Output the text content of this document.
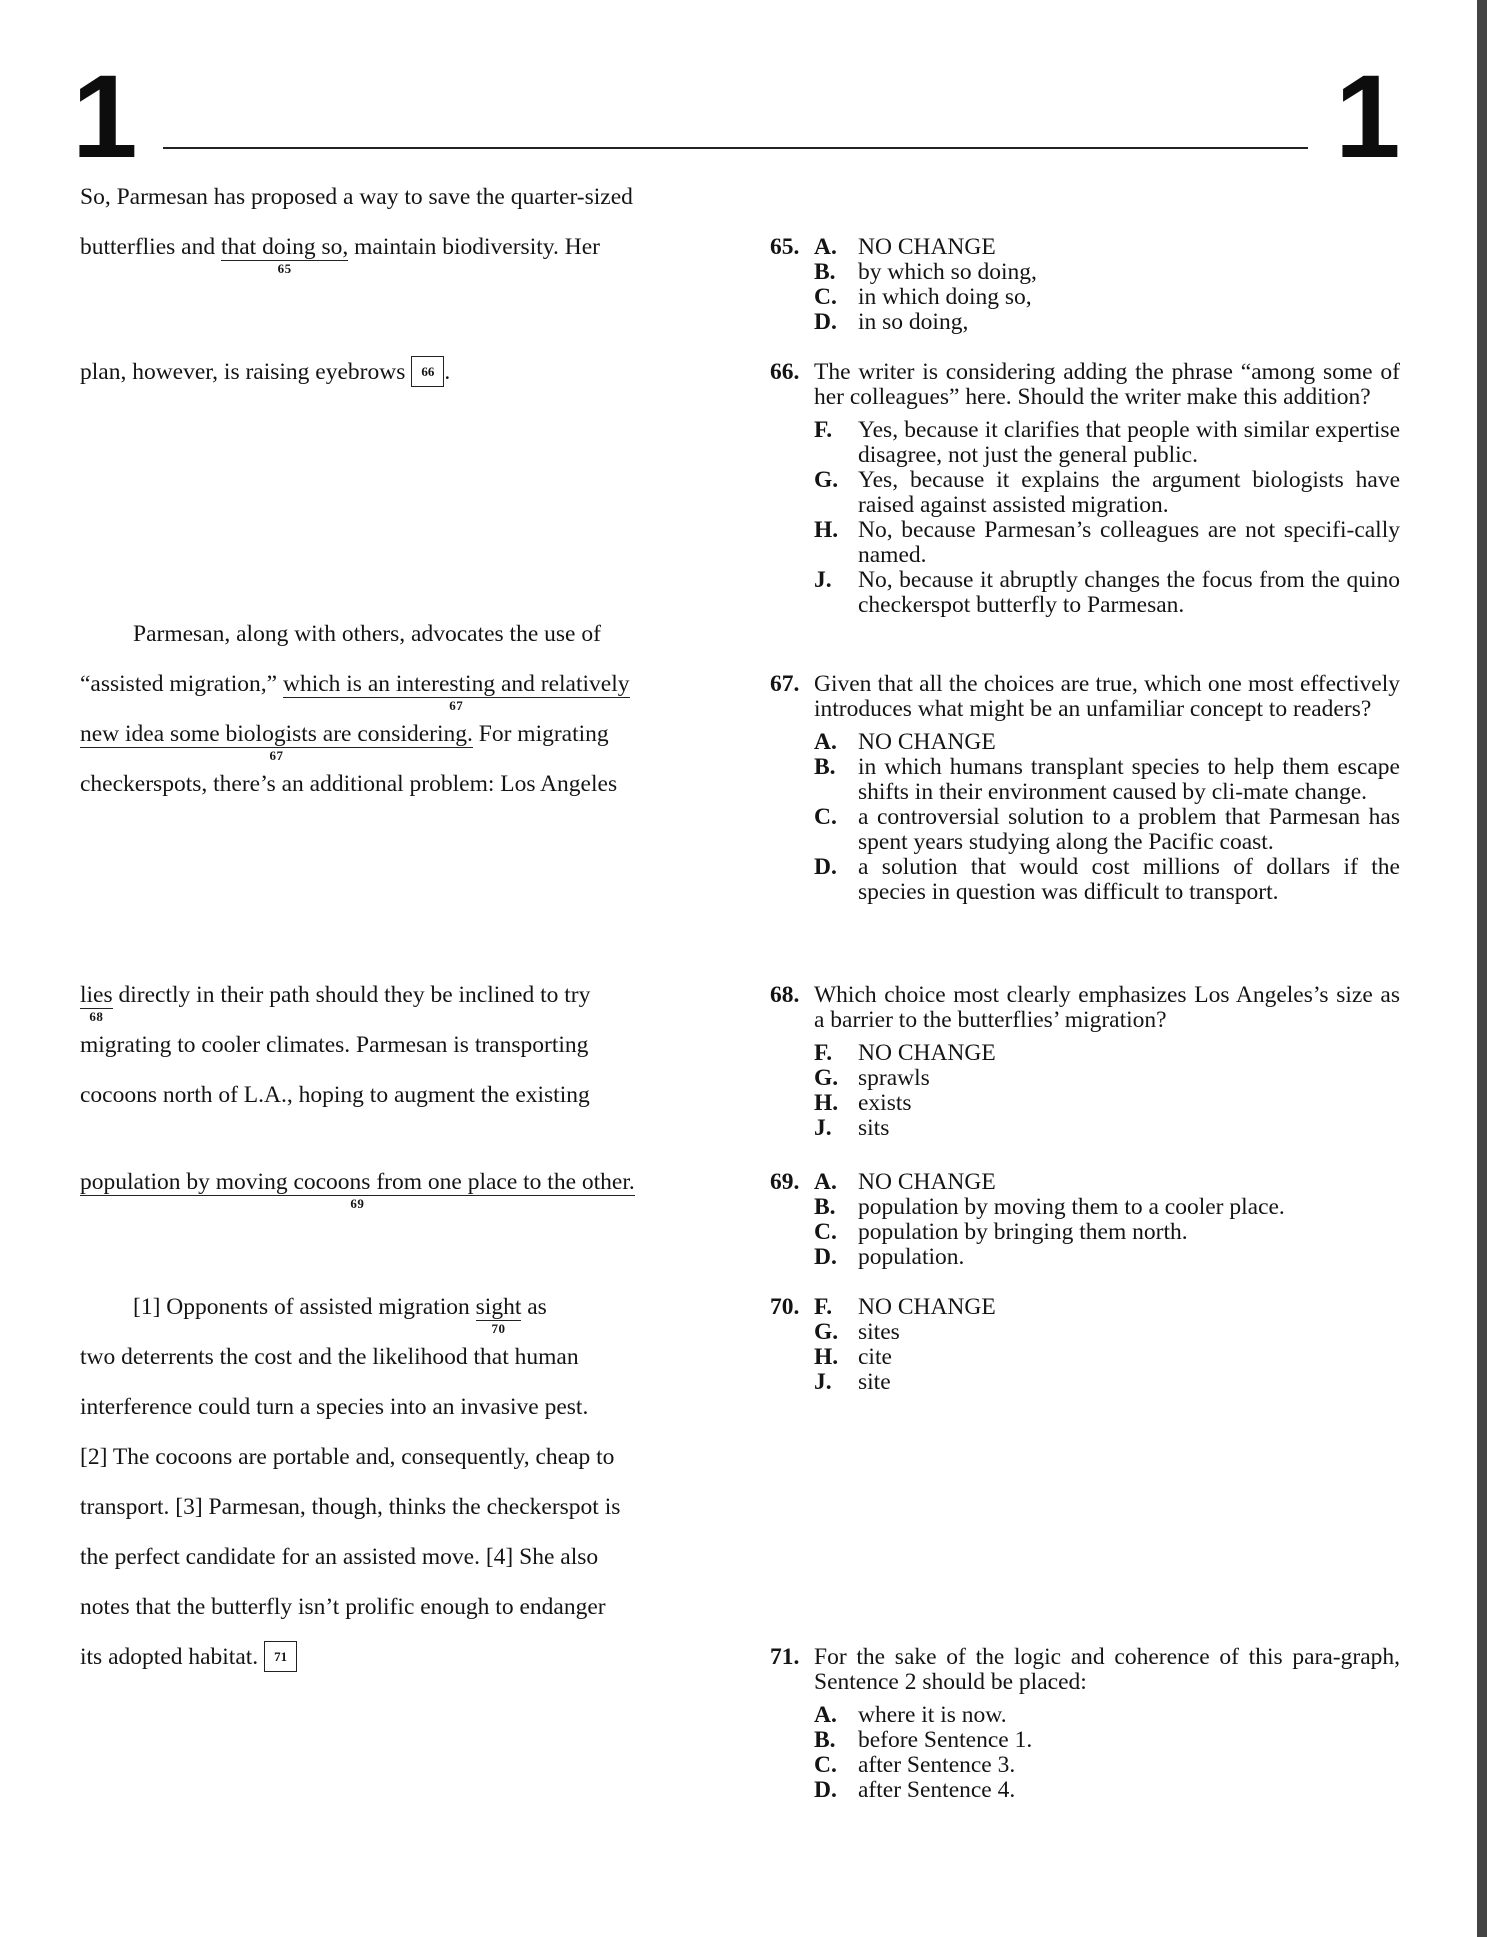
1	1
So, Parmesan has proposed a way to save the quarter-sized
butterflies and that doing so,
65
maintain biodiversity. Her
plan, however, is raising eyebrows 66 .
Parmesan, along with others, advocates the use of
“assisted migration,” which is an interesting and relatively
67
new idea some biologists are considering.
67
For migrating
checkerspots, there’s an additional problem: Los Angeles
lies
68
directly in their path should they be inclined to try
migrating to cooler climates. Parmesan is transporting
cocoons north of L.A., hoping to augment the existing
population by moving cocoons from one place to the other.
69
[1] Opponents of assisted migration sight
70
as
two deterrents the cost and the likelihood that human
interference could turn a species into an invasive pest.
[2] The cocoons are portable and, consequently, cheap to
transport. [3] Parmesan, though, thinks the checkerspot is
the perfect candidate for an assisted move. [4] She also
notes that the butterfly isn’t prolific enough to endanger
its adopted habitat. 71
65. A. NO CHANGE
B. by which so doing,
C. in which doing so,
D. in so doing,
66. The writer is considering adding the phrase “among some of her colleagues” here. Should the writer make this addition?
F. Yes, because it clarifies that people with similar expertise disagree, not just the general public.
G. Yes, because it explains the argument biologists have raised against assisted migration.
H. No, because Parmesan’s colleagues are not specifi-cally named.
J. No, because it abruptly changes the focus from the quino checkerspot butterfly to Parmesan.
67. Given that all the choices are true, which one most effectively introduces what might be an unfamiliar concept to readers?
A. NO CHANGE
B. in which humans transplant species to help them escape shifts in their environment caused by cli-mate change.
C. a controversial solution to a problem that Parmesan has spent years studying along the Pacific coast.
D. a solution that would cost millions of dollars if the species in question was difficult to transport.
68. Which choice most clearly emphasizes Los Angeles’s size as a barrier to the butterflies’ migration?
F. NO CHANGE
G. sprawls
H. exists
J. sits
69. A. NO CHANGE
B. population by moving them to a cooler place.
C. population by bringing them north.
D. population.
70. F. NO CHANGE
G. sites
H. cite
J. site
71. For the sake of the logic and coherence of this para-graph, Sentence 2 should be placed:
A. where it is now.
B. before Sentence 1.
C. after Sentence 3.
D. after Sentence 4.
